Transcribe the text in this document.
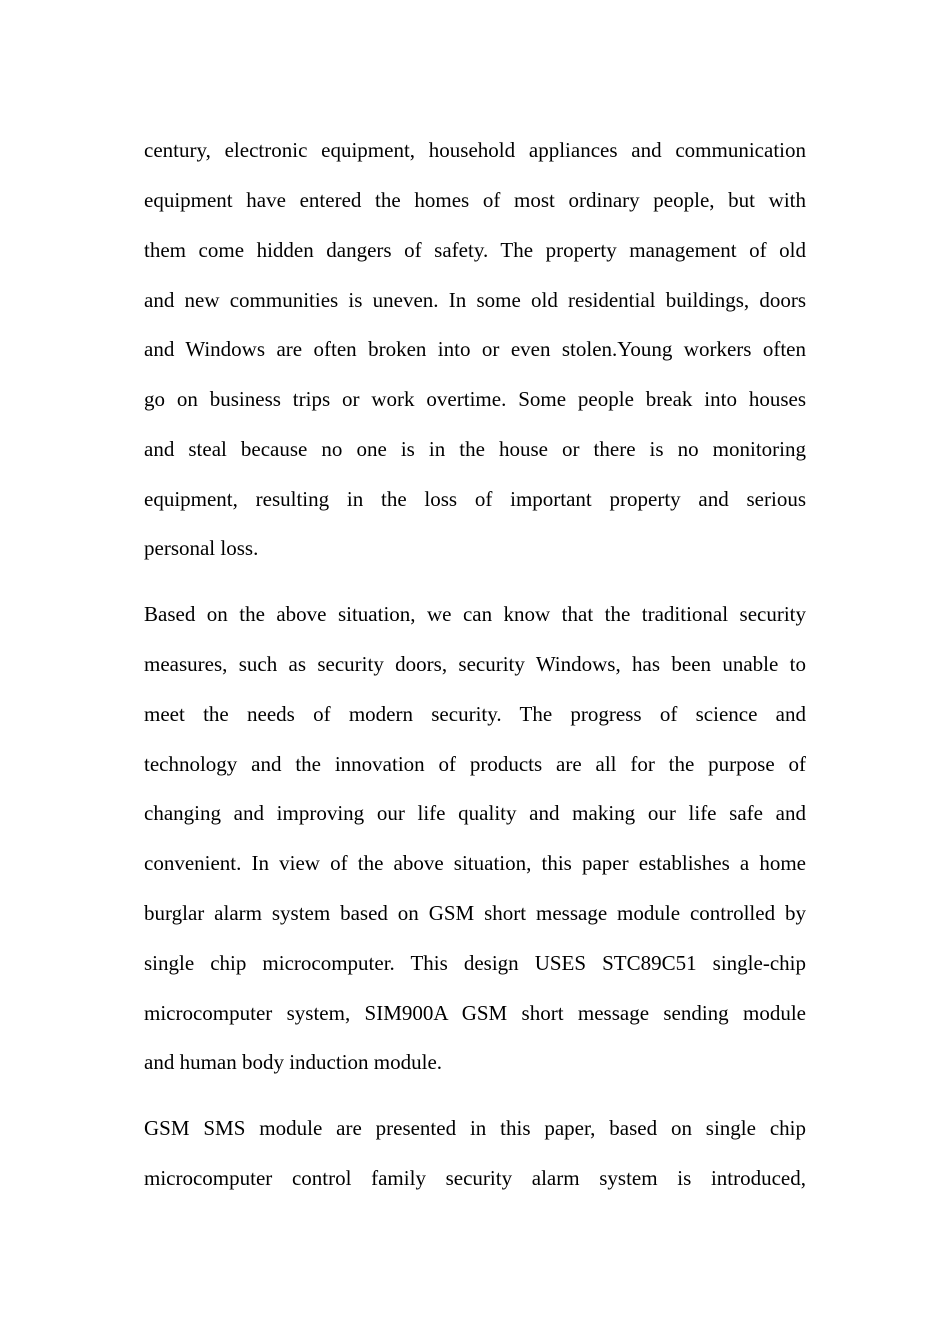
century, electronic equipment, household appliances and communication
equipment have entered the homes of most ordinary people, but with
them come hidden dangers of safety. The property management of old
and new communities is uneven. In some old residential buildings, doors
and Windows are often broken into or even stolen.Young workers often
go on business trips or work overtime. Some people break into houses
and steal because no one is in the house or there is no monitoring
equipment, resulting in the loss of important property and serious
personal loss.
Based on the above situation, we can know that the traditional security
measures, such as security doors, security Windows, has been unable to
meet the needs of modern security. The progress of science and
technology and the innovation of products are all for the purpose of
changing and improving our life quality and making our life safe and
convenient. In view of the above situation, this paper establishes a home
burglar alarm system based on GSM short message module controlled by
single chip microcomputer. This design USES STC89C51 single-chip
microcomputer system, SIM900A GSM short message sending module
and human body induction module.
GSM SMS module are presented in this paper, based on single chip
microcomputer control family security alarm system is introduced,
